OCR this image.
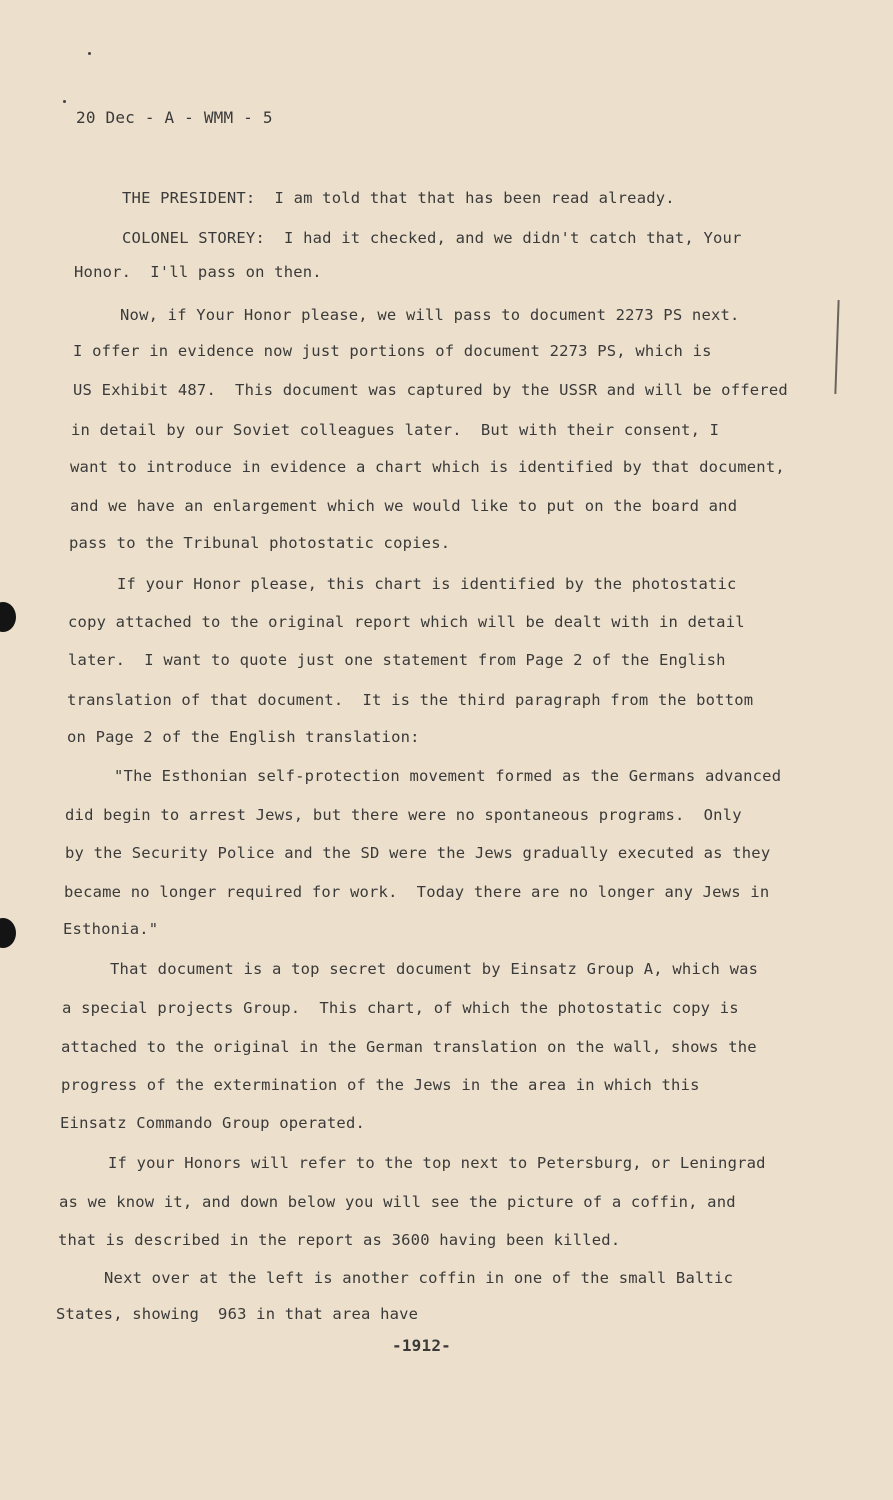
20 Dec - A - WMM - 5
THE PRESIDENT:  I am told that that has been read already.
COLONEL STOREY:  I had it checked, and we didn't catch that, Your
Honor.  I'll pass on then.
Now, if Your Honor please, we will pass to document 2273 PS next.
I offer in evidence now just portions of document 2273 PS, which is
US Exhibit 487.  This document was captured by the USSR and will be offered
in detail by our Soviet colleagues later.  But with their consent, I
want to introduce in evidence a chart which is identified by that document,
and we have an enlargement which we would like to put on the board and
pass to the Tribunal photostatic copies.
If your Honor please, this chart is identified by the photostatic
copy attached to the original report which will be dealt with in detail
later.  I want to quote just one statement from Page 2 of the English
translation of that document.  It is the third paragraph from the bottom
on Page 2 of the English translation:
"The Esthonian self-protection movement formed as the Germans advanced
did begin to arrest Jews, but there were no spontaneous programs.  Only
by the Security Police and the SD were the Jews gradually executed as they
became no longer required for work.  Today there are no longer any Jews in
Esthonia."
That document is a top secret document by Einsatz Group A, which was
a special projects Group.  This chart, of which the photostatic copy is
attached to the original in the German translation on the wall, shows the
progress of the extermination of the Jews in the area in which this
Einsatz Commando Group operated.
If your Honors will refer to the top next to Petersburg, or Leningrad
as we know it, and down below you will see the picture of a coffin, and
that is described in the report as 3600 having been killed.
Next over at the left is another coffin in one of the small Baltic
States, showing  963 in that area have
-1912-
